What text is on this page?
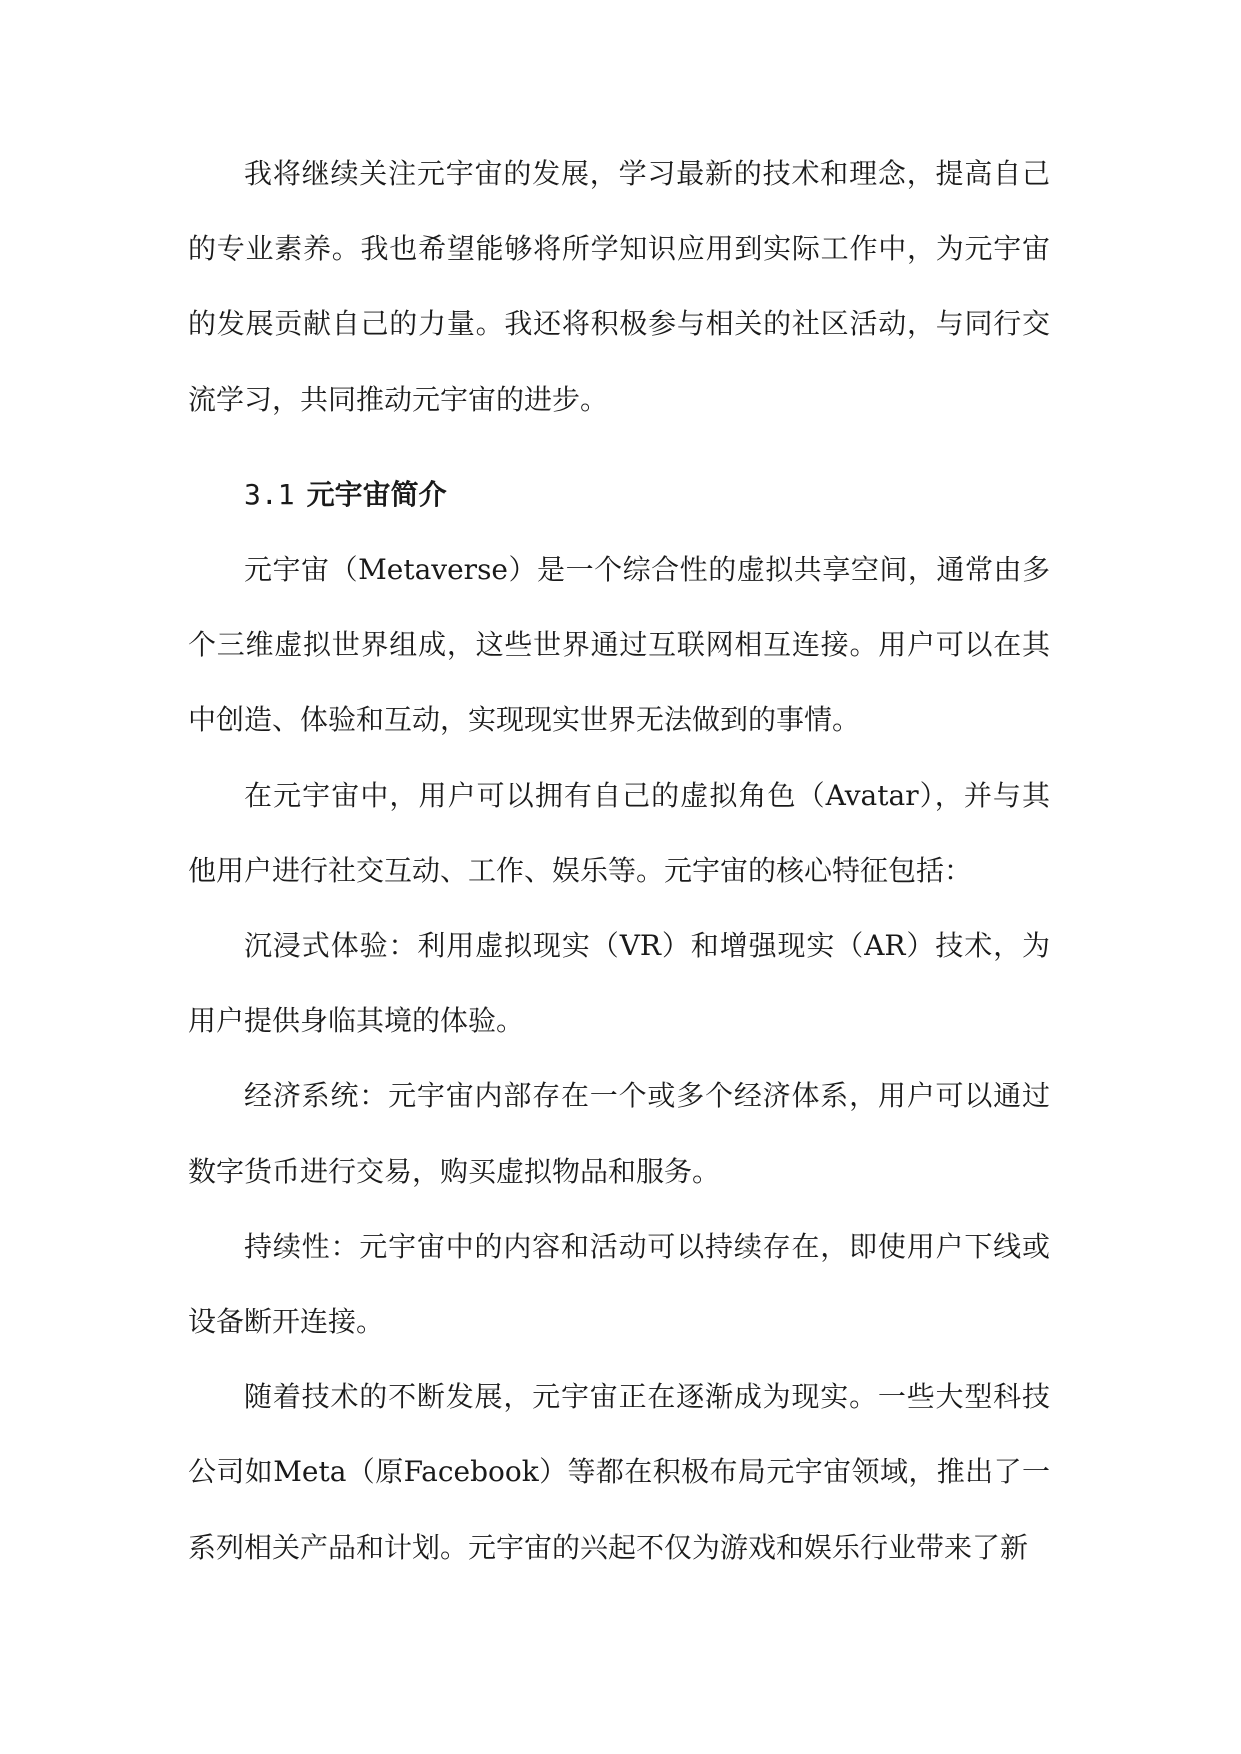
我将继续关注元宇宙的发展，学习最新的技术和理念，提高自己的专业素养。我也希望能够将所学知识应用到实际工作中，为元宇宙的发展贡献自己的力量。我还将积极参与相关的社区活动，与同行交流学习，共同推动元宇宙的进步。

3.1 元宇宙简介

元宇宙（Metaverse）是一个综合性的虚拟共享空间，通常由多个三维虚拟世界组成，这些世界通过互联网相互连接。用户可以在其中创造、体验和互动，实现现实世界无法做到的事情。

在元宇宙中，用户可以拥有自己的虚拟角色（Avatar），并与其他用户进行社交互动、工作、娱乐等。元宇宙的核心特征包括：

沉浸式体验：利用虚拟现实（VR）和增强现实（AR）技术，为用户提供身临其境的体验。

经济系统：元宇宙内部存在一个或多个经济体系，用户可以通过数字货币进行交易，购买虚拟物品和服务。

持续性：元宇宙中的内容和活动可以持续存在，即使用户下线或设备断开连接。

随着技术的不断发展，元宇宙正在逐渐成为现实。一些大型科技公司如Meta（原Facebook）等都在积极布局元宇宙领域，推出了一系列相关产品和计划。元宇宙的兴起不仅为游戏和娱乐行业带来了新
